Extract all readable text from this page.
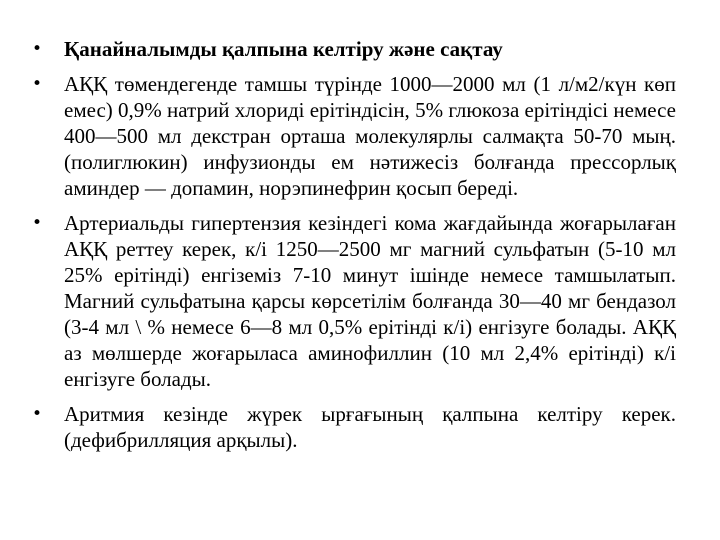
• Қанайналымды қалпына келтіру және сақтау
• АҚҚ төмендегенде тамшы түрінде 1000—2000 мл (1 л/м2/күн көп емес) 0,9% натрий хлориді ерітіндісін, 5% глюкоза ерітіндісі немесе 400—500 мл декстран орташа молекулярлы салмақта 50-70 мың. (полиглюкин) инфузионды ем нәтижесіз болғанда прессорлық аминдер — допамин, норэпинефрин қосып береді.
• Артериальды гипертензия кезіндегі кома жағдайында жоғарылаған АҚҚ реттеу керек, к/і 1250—2500 мг магний сульфатын (5-10 мл 25% ерітінді) енгіземіз 7-10 минут ішінде немесе тамшылатып. Магний сульфатына қарсы көрсетілім болғанда 30—40 мг бендазол (3-4 мл \ % немесе 6—8 мл 0,5% ерітінді к/і) енгізуге болады. АҚҚ аз мөлшерде жоғарыласа аминофиллин (10 мл 2,4% ерітінді) к/і енгізуге болады.
• Аритмия кезінде жүрек ырғағының қалпына келтіру керек. (дефибрилляция арқылы).
